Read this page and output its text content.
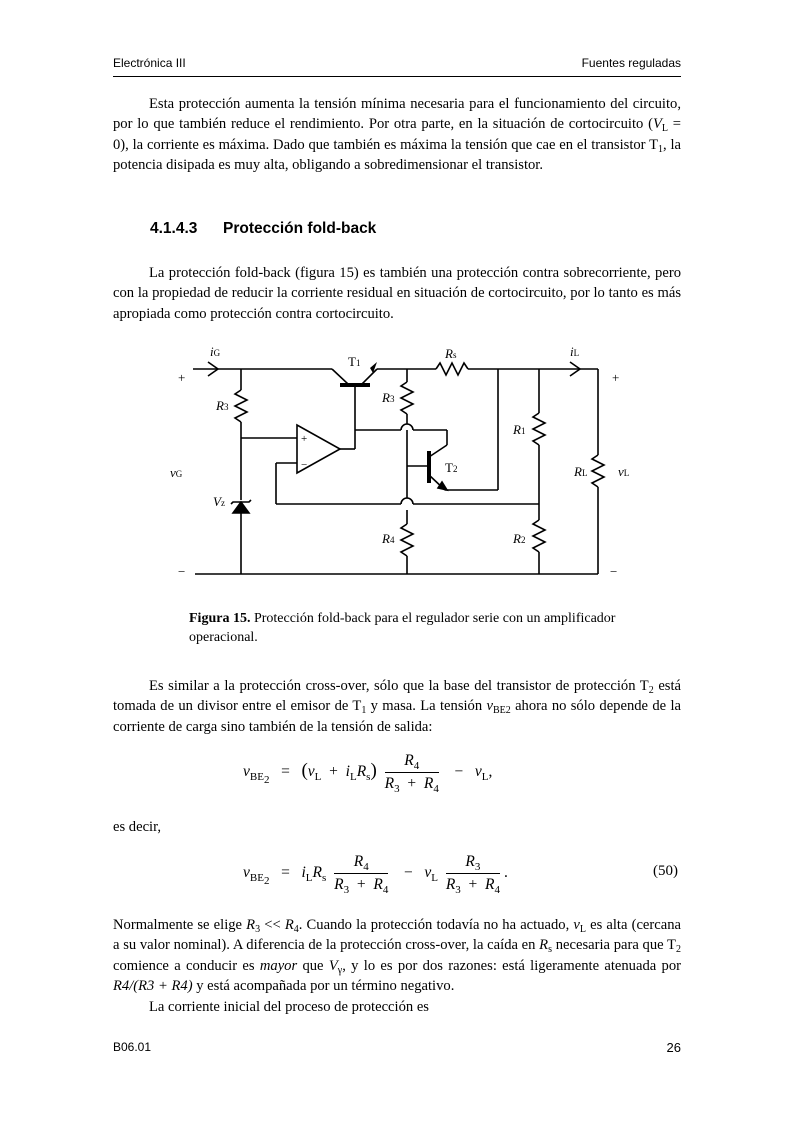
Electrónica III	Fuentes reguladas
Esta protección aumenta la tensión mínima necesaria para el funcionamiento del circuito, por lo que también reduce el rendimiento. Por otra parte, en la situación de cortocircuito $(V_L = 0)$, la corriente es máxima. Dado que también es máxima la tensión que cae en el transistor $T_1$, la potencia disipada es muy alta, obligando a sobredimensionar el transistor.
4.1.4.3 Protección fold-back
La protección fold-back (figura 15) es también una protección contra sobrecorriente, pero con la propiedad de reducir la corriente residual en situación de cortocircuito, por lo tanto es más apropiada como protección contra cortocircuito.
iG
+
−
vG
R3
Vz
T1
R3
Rs	iL
+
−
R1
R2
R4
RL vL
T2
+
−
Figura 15. Protección fold-back para el regulador serie con un amplificador operacional.
Es similar a la protección cross-over, sólo que la base del transistor de protección $T_2$ está tomada de un divisor entre el emisor de $T_1$ y masa. La tensión $v_{BE2}$ ahora no sólo depende de la corriente de carga sino también de la tensión de salida:
$v_{BE2} = (v_L + i_LR_s) \frac{R_4}{R_3 + R_4} - v_L$,
es decir,
$v_{BE2} = i_LR_s \frac{R_4}{R_3 + R_4} - v_L \frac{R_3}{R_3 + R_4}$ .	(50)
Normalmente se elige $R_3 << R_4$. Cuando la protección todavía no ha actuado, $v_L$ es alta (cercana a su valor nominal). A diferencia de la protección cross-over, la caída en $R_s$ necesaria para que $T_2$ comience a conducir es mayor que $V_\gamma$, y lo es por dos razones: está ligeramente atenuada por R4/(R3 + R4) y está acompañada por un término negativo.
La corriente inicial del proceso de protección es
B06.01	26
